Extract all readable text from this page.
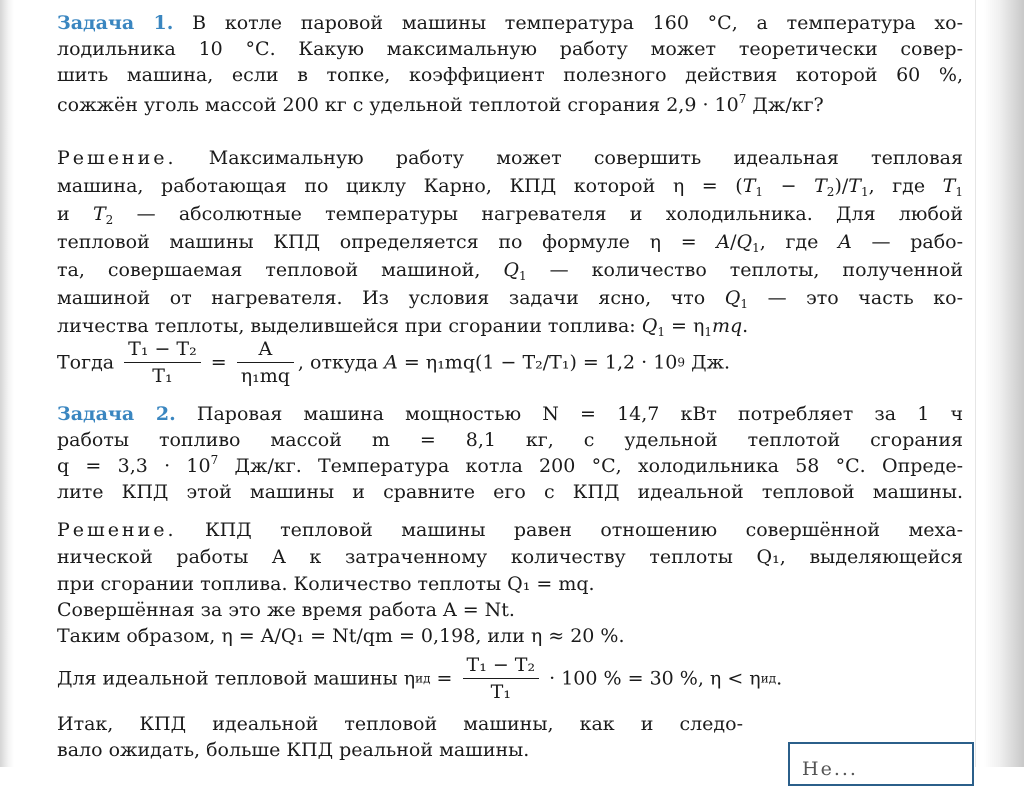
Задача 1. В котле паровой машины температура 160 °С, а температура хо-
лодильника 10 °С. Какую максимальную работу может теоретически совер-
шить машина, если в топке, коэффициент полезного действия которой 60 %,
сожжён уголь массой 200 кг с удельной теплотой сгорания $2,9 \cdot 10^7$ Дж/кг?
Решение. Максимальную работу может совершить идеальная тепловая
машина, работающая по циклу Карно, КПД которой $\eta = (T_1 - T_2)/T_1$, где $T_1$
и $T_2$ — абсолютные температуры нагревателя и холодильника. Для любой
тепловой машины КПД определяется по формуле $\eta = A/Q_1$, где A — рабо-
та, совершаемая тепловой машиной, $Q_1$ — количество теплоты, полученной
машиной от нагревателя. Из условия задачи ясно, что $Q_1$ — это часть ко-
личества теплоты, выделившейся при сгорании топлива: $Q_1 = \eta_1mq$.
Тогда $\frac{\text{T₁ − T₂}}{\text{T₁}} = \frac{A}{\text{η₁mq}}$ , откуда A = η₁mq(1 − T₂/T₁) = 1,2 · 109 Дж.
Задача 2. Паровая машина мощностью N = 14,7 кВт потребляет за 1 ч
работы топливо массой m = 8,1 кг, с удельной теплотой сгорания
$q = 3,3 \cdot 10^7$ Дж/кг. Температура котла 200 °С, холодильника 58 °С. Опреде-
лите КПД этой машины и сравните его с КПД идеальной тепловой машины.
Решение. КПД тепловой машины равен отношению совершённой меха-
нической работы A к затраченному количеству теплоты Q₁, выделяющейся
при сгорании топлива. Количество теплоты Q₁ = mq.
Совершённая за это же время работа A = Nt.
Таким образом, η = A/Q₁ = Nt/qm = 0,198, или η ≈ 20 %.
Для идеальной тепловой машины $\eta ид = \frac{\text{T₁ − T₂}}{\text{T₁}} \cdot 100$ % = 30 %, η < ηид.
Итак, КПД идеальной тепловой машины, как и следо-
вало ожидать, больше КПД реальной машины.
Не...
